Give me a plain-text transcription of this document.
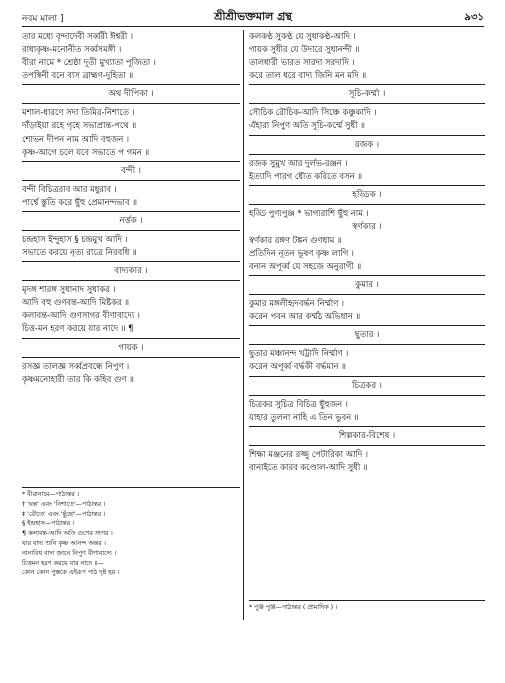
নবম মালা ]	শ্রীশ্রীভক্তমাল গ্রন্থ	৯৩১
তার মধ্যে বৃন্দাদেবী সর্ব্বরী ঈশ্বরী ।
রাধাকৃষ্ণ-মনোনীত সর্ব্বসমঙ্গী ।
বীরা নামে * শ্রেষ্ঠা দূতী মুখ্যাতা পূজিতা ।
তপস্বিনী বনে বাস ব্রাহ্মণ-দুহিতা ॥
অথ দীপিকা ।
মশাল-ধারণে সদা তিমির-নিশাতে ।
দাঁড়াইয়া রহে গৃহে সভাপ্রান্ত-পথে ॥
শোভন দীপন নাম আদি বহুজন ।
কৃষ্ণ-আগে চলে যবে সভাতে প গমন ॥
বন্দী ।
বন্দী বিচিত্ররাব আর মধুরাব ।
পার্শ্বে স্তুতি করে ছুঁহু প্রেমানন্দভাব ॥
নর্ত্তক ।
চন্দ্রহাস ইন্দুহাস § চন্দ্রমুখ আদি ।
সভাতে করয়ে নৃত্য রাত্রে নিরবধি ॥
বাদ্যকার ।
মৃদঙ্গ শারঙ্গ সুধানাদ সুধাকর ।
আদি বহু গুণবন্ত-আদি মিষ্টকর ॥
কলাবন্ত-আদি গুণসাগর বীণাবাদ্যে ।
চিত্ত-মন হরণ করয়ে যার নাদে ॥ ¶
গায়ক ।
রসজ্ঞ তালজ্ঞ সর্ব্বপ্রবন্ধে নিপুণ ।
কৃষ্ণমনোহারী তার কি কহিব গুণ ॥
কলকণ্ঠ সুকণ্ঠ যে সুধাকণ্ঠ-আদি ।
গায়ক সুধীর যে উদারে সুধানন্দী ॥
তালধারী ভারত সারদা সরদাদি ।
করে তাল ধরে বাদ্য জিনি মন মদি ॥
সূচি-কর্ম্মা ।
সৌচিক রৌচিক-আদি সিঞ্চে কঞ্চুকাদি ।
এঁহারা নিপুণ অতি সূচি-কর্ম্মে সুধী ॥
রজক ।
রজক সুমুখ আর দুর্লভ-রঞ্জন ।
ইত্যাদি পারগ ধৌত করিতে বসন ॥
হড্ডিক ।
হড্ডি পুণ্যপুঞ্জ * ভাগ্যরাশি ছুঁহু নাম ।
স্বর্ণকার ।
স্বর্ণকার রঙ্গণ টঙ্কন গুণধাম ॥
প্রতিদিন নূতন ভূষণ কৃষ্ণ লাগি ।
বনান অপূর্ব্ব যে সহজে অনুরাগী ॥
কুমার ।
কুমার মঙ্গলীহৃদবর্দ্ধন নির্ম্মাণ ।
করেন পবন আর কর্ম্মঠ অভিধান ॥
ছুতার ।
ছুতার মঞ্চানন্দ খট্টাদি নির্ম্মাণ ।
করেন অপূর্ব্ব বর্দ্ধকী বর্দ্ধমান ॥
চিত্রকর ।
চিত্রকর সুচিত্র বিচিত্র ছুঁহুজন ।
যাহার তুলনা নাহি এ তিন ভুবন ॥
শিল্পকার-বিশেষ ।
শিক্ষা মঞ্জনের রজ্জু পেটারিকা আদি ।
বানাইতে কারব কণ্ডোল-আদি সুধী ॥
* বীরানামে—পাঠান্তর ।
† 'ঘন্ত' এবং 'নিশাতে'—পাঠান্তর ।
‡ 'বৌতে' এবং 'ছুঁহো'—পাঠান্তর ।
§ ইন্দ্রহাস—পাঠান্তর ।
¶ কলাবন্ত-আদি অতি গুণের সাগর ।
যার বাদ্য শুনি কৃষ্ণ আনন্দ অন্তর ।
নানাবিধ বাদ্য জানে নিপুণ বীণাবাদ্যে ।
চিত্তমন হরণ করয়ে যার নাদে ॥—
কোন কোন পুস্তকে এইরূপ পাঠ দৃষ্ট হয় ।
* পুঞ্জ পুঞ্জ—পাঠান্তর ( প্রামাদিক ) ।
